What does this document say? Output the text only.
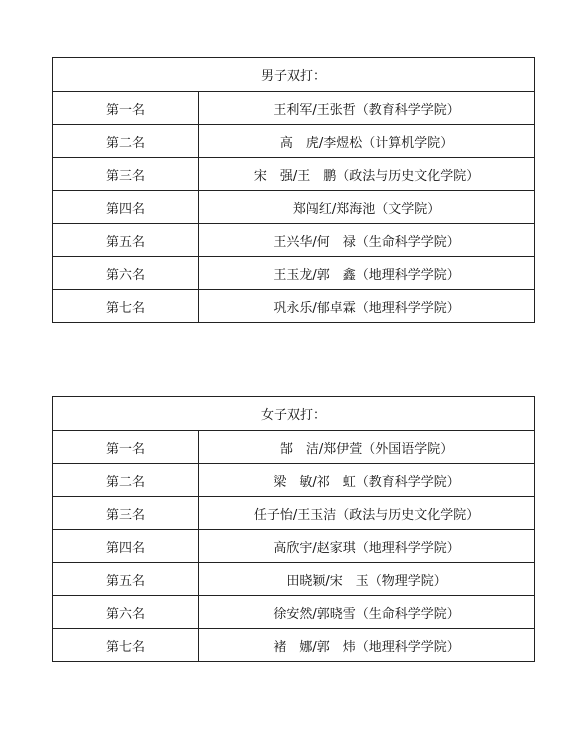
男子双打：	
第一名	王利军/王张哲（教育科学学院）
第二名	高　虎/李煜松（计算机学院）
第三名	宋　强/王　鹏（政法与历史文化学院）
第四名	郑闯红/郑海池（文学院）
第五名	王兴华/何　禄（生命科学学院）
第六名	王玉龙/郭　鑫（地理科学学院）
第七名	巩永乐/郁卓霖（地理科学学院）
女子双打：	
第一名	郜　洁/郑伊萱（外国语学院）
第二名	梁　敏/祁　虹（教育科学学院）
第三名	任子怡/王玉洁（政法与历史文化学院）
第四名	高欣宇/赵家琪（地理科学学院）
第五名	田晓颖/宋　玉（物理学院）
第六名	徐安然/郭晓雪（生命科学学院）
第七名	褚　娜/郭　炜（地理科学学院）
